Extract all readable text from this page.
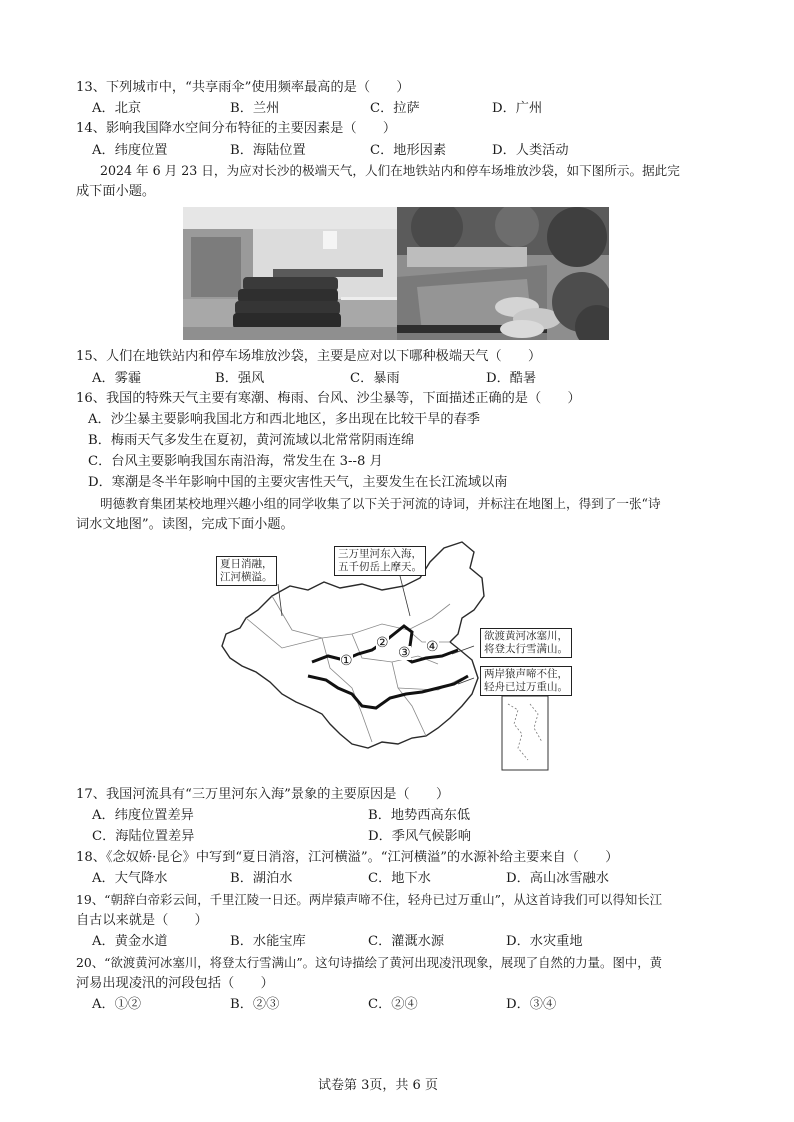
13、下列城市中，“共享雨伞”使用频率最高的是（　　）
A．北京	B．兰州	C．拉萨	D．广州
14、影响我国降水空间分布特征的主要因素是（　　）
A．纬度位置	B．海陆位置	C．地形因素	D．人类活动
2024 年 6 月 23 日，为应对长沙的极端天气，人们在地铁站内和停车场堆放沙袋，如下图所示。据此完
成下面小题。
15、人们在地铁站内和停车场堆放沙袋，主要是应对以下哪种极端天气（　　）
A．雾霾	B．强风	C．暴雨	D．酷暑
16、我国的特殊天气主要有寒潮、梅雨、台风、沙尘暴等，下面描述正确的是（　　）
A．沙尘暴主要影响我国北方和西北地区，多出现在比较干旱的春季
B．梅雨天气多发生在夏初，黄河流域以北常常阴雨连绵
C．台风主要影响我国东南沿海，常发生在 3--8 月
D．寒潮是冬半年影响中国的主要灾害性天气，主要发生在长江流域以南
明德教育集团某校地理兴趣小组的同学收集了以下关于河流的诗词，并标注在地图上，得到了一张“诗
词水文地图”。读图，完成下面小题。
夏日消融，
江河横溢。
三万里河东入海，
五千仞岳上摩天。
欲渡黄河冰塞川，
将登太行雪满山。
两岸猿声啼不住，
轻舟已过万重山。
①
②
③ ④
17、我国河流具有“三万里河东入海”景象的主要原因是（　　）
A．纬度位置差异	B．地势西高东低
C．海陆位置差异	D．季风气候影响
18、《念奴娇·昆仑》中写到“夏日消溶，江河横溢”。“江河横溢”的水源补给主要来自（　　）
A．大气降水	B．湖泊水	C．地下水	D．高山冰雪融水
19、“朝辞白帝彩云间，千里江陵一日还。两岸猿声啼不住，轻舟已过万重山”，从这首诗我们可以得知长江
自古以来就是（　　）
A．黄金水道	B．水能宝库	C．灌溉水源	D．水灾重地
20、“欲渡黄河冰塞川，将登太行雪满山”。这句诗描绘了黄河出现凌汛现象，展现了自然的力量。图中，黄
河易出现凌汛的河段包括（　　）
A．①②	B．②③	C．②④	D．③④
试卷第 3页，共 6 页
